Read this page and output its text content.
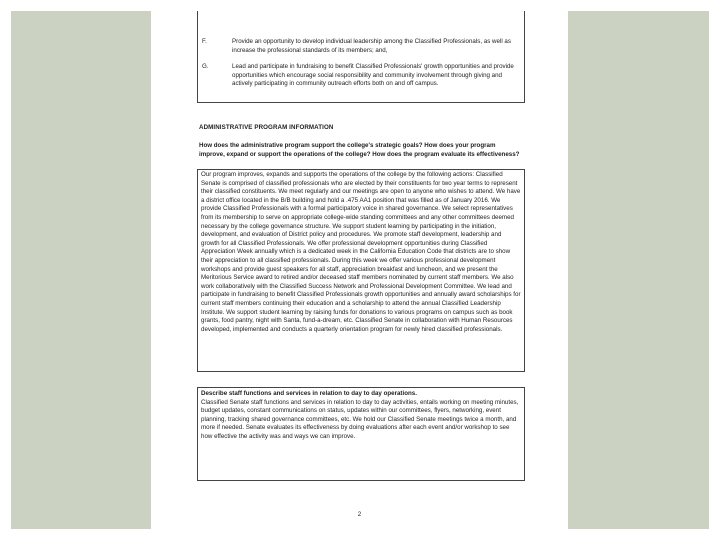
F.	Provide an opportunity to develop individual leadership among the Classified Professionals, as well as increase the professional standards of its members; and,
G.	Lead and participate in fundraising to benefit Classified Professionals' growth opportunities and provide opportunities which encourage social responsibility and community involvement through giving and actively participating in community outreach efforts both on and off campus.
ADMINISTRATIVE PROGRAM INFORMATION
How does the administrative program support the college's strategic goals? How does your program improve, expand or support the operations of the college? How does the program evaluate its effectiveness?
Our program improves, expands and supports the operations of the college by the following actions: Classified Senate is comprised of classified professionals who are elected by their constituents for two year terms to represent their classified constituents. We meet regularly and our meetings are open to anyone who wishes to attend. We have a district office located in the B/B building and hold a .475 AA1 position that was filled as of January 2016. We provide Classified Professionals with a formal participatory voice in shared governance. We select representatives from its membership to serve on appropriate college-wide standing committees and any other committees deemed necessary by the college governance structure. We support student learning by participating in the initiation, development, and evaluation of District policy and procedures. We promote staff development, leadership and growth for all Classified Professionals. We offer professional development opportunities during Classified Appreciation Week annually which is a dedicated week in the California Education Code that districts are to show their appreciation to all classified professionals. During this week we offer various professional development workshops and provide guest speakers for all staff, appreciation breakfast and luncheon, and we present the Meritorious Service award to retired and/or deceased staff members nominated by current staff members. We also work collaboratively with the Classified Success Network and Professional Development Committee. We lead and participate in fundraising to benefit Classified Professionals growth opportunities and annually award scholarships for current staff members continuing their education and a scholarship to attend the annual Classified Leadership Institute. We support student learning by raising funds for donations to various programs on campus such as book grants, food pantry, night with Santa, fund-a-dream, etc. Classified Senate in collaboration with Human Resources developed, implemented and conducts a quarterly orientation program for newly hired classified professionals.
Describe staff functions and services in relation to day to day operations.
Classified Senate staff functions and services in relation to day to day activities, entails working on meeting minutes, budget updates, constant communications on status, updates within our committees, flyers, networking, event planning, tracking shared governance committees, etc. We hold our Classified Senate meetings twice a month, and more if needed. Senate evaluates its effectiveness by doing evaluations after each event and/or workshop to see how effective the activity was and ways we can improve.
2
